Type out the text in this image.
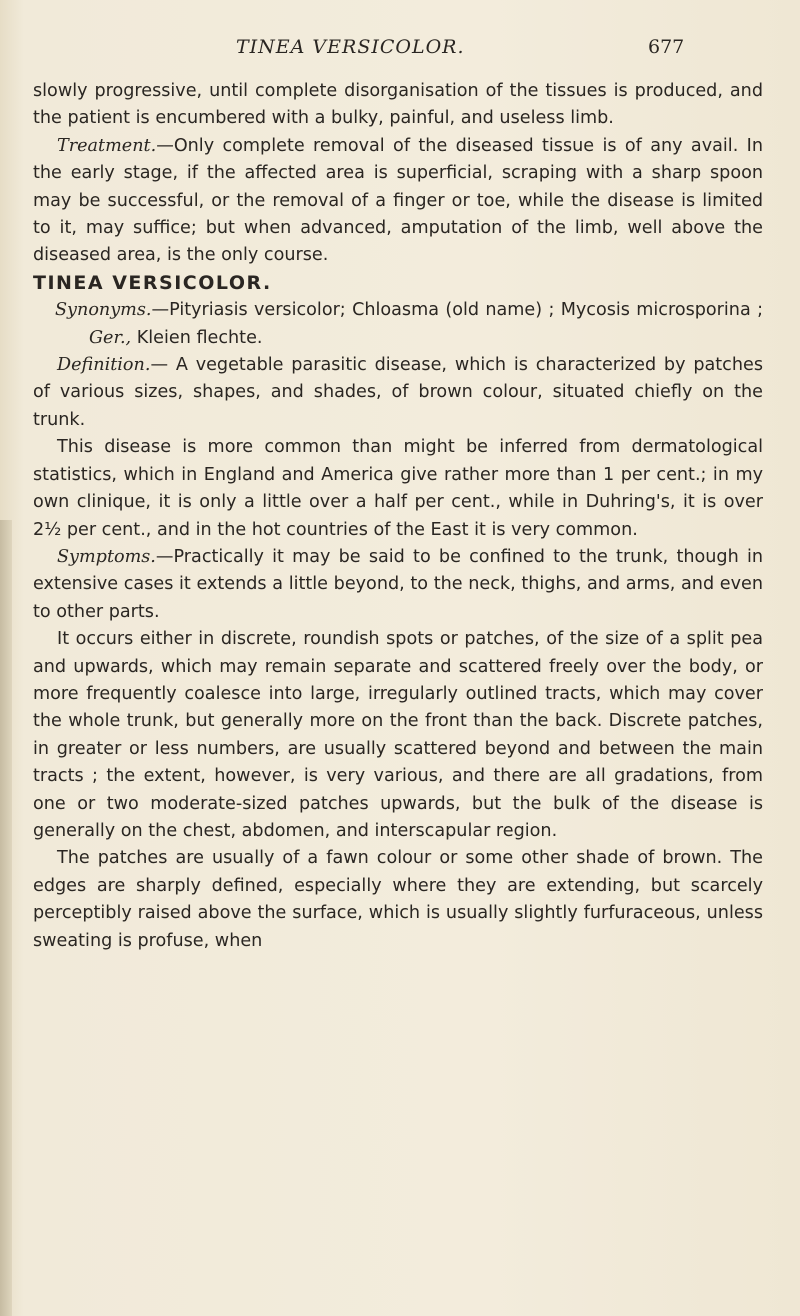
TINEA VERSICOLOR.	677

slowly progressive, until complete disorganisation of the tissues is produced, and the patient is encumbered with a bulky, painful, and useless limb.

Treatment.—Only complete removal of the diseased tissue is of any avail. In the early stage, if the affected area is superficial, scraping with a sharp spoon may be successful, or the removal of a finger or toe, while the disease is limited to it, may suffice; but when advanced, amputation of the limb, well above the diseased area, is the only course.

TINEA VERSICOLOR.

Synonyms.—Pityriasis versicolor; Chloasma (old name) ; Mycosis microsporina ; Ger., Kleien flechte.

Definition.— A vegetable parasitic disease, which is characterized by patches of various sizes, shapes, and shades, of brown colour, situated chiefly on the trunk.

This disease is more common than might be inferred from dermatological statistics, which in England and America give rather more than 1 per cent.; in my own clinique, it is only a little over a half per cent., while in Duhring's, it is over 2½ per cent., and in the hot countries of the East it is very common.

Symptoms.—Practically it may be said to be confined to the trunk, though in extensive cases it extends a little beyond, to the neck, thighs, and arms, and even to other parts.

It occurs either in discrete, roundish spots or patches, of the size of a split pea and upwards, which may remain separate and scattered freely over the body, or more frequently coalesce into large, irregularly outlined tracts, which may cover the whole trunk, but generally more on the front than the back. Discrete patches, in greater or less numbers, are usually scattered beyond and between the main tracts ; the extent, however, is very various, and there are all gradations, from one or two moderate-sized patches upwards, but the bulk of the disease is generally on the chest, abdomen, and interscapular region.

The patches are usually of a fawn colour or some other shade of brown. The edges are sharply defined, especially where they are extending, but scarcely perceptibly raised above the surface, which is usually slightly furfuraceous, unless sweating is profuse, when
